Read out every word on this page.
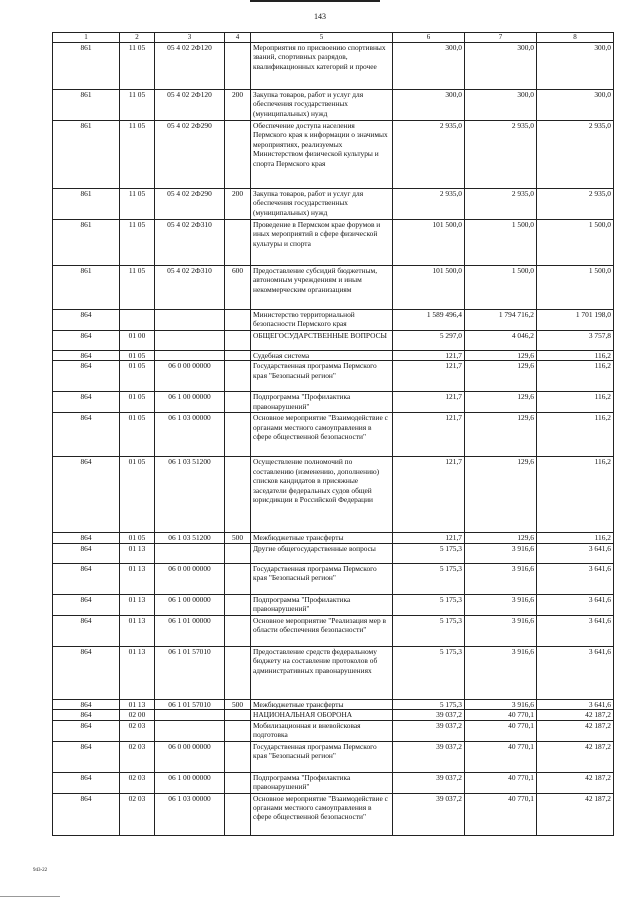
143
1	2	3	4	5	6	7	8
861	11 05	05 4 02 2Ф120		Мероприятия по присвоению спортивных званий, спортивных разрядов, квалификационных категорий и прочее	300,0	300,0	300,0
861	11 05	05 4 02 2Ф120	200	Закупка товаров, работ и услуг для обеспечения государственных (муниципальных) нужд	300,0	300,0	300,0
861	11 05	05 4 02 2Ф290		Обеспечение доступа населения Пермского края к информации о значимых мероприятиях, реализуемых Министерством физической культуры и спорта Пермского края	2 935,0	2 935,0	2 935,0
861	11 05	05 4 02 2Ф290	200	Закупка товаров, работ и услуг для обеспечения государственных (муниципальных) нужд	2 935,0	2 935,0	2 935,0
861	11 05	05 4 02 2Ф310		Проведение в Пермском крае форумов и иных мероприятий в сфере физической культуры и спорта	101 500,0	1 500,0	1 500,0
861	11 05	05 4 02 2Ф310	600	Предоставление субсидий бюджетным, автономным учреждениям и иным некоммерческим организациям	101 500,0	1 500,0	1 500,0
864				Министерство территориальной безопасности Пермского края	1 589 496,4	1 794 716,2	1 701 198,0
864	01 00			ОБЩЕГОСУДАРСТВЕННЫЕ ВОПРОСЫ	5 297,0	4 046,2	3 757,8
864	01 05			Судебная система	121,7	129,6	116,2
864	01 05	06 0 00 00000		Государственная программа Пермского края "Безопасный регион"	121,7	129,6	116,2
864	01 05	06 1 00 00000		Подпрограмма "Профилактика правонарушений"	121,7	129,6	116,2
864	01 05	06 1 03 00000		Основное мероприятие "Взаимодействие с органами местного самоуправления в сфере общественной безопасности"	121,7	129,6	116,2
864	01 05	06 1 03 51200		Осуществление полномочий по составлению (изменению, дополнению) списков кандидатов в присяжные заседатели федеральных судов общей юрисдикции в Российской Федерации	121,7	129,6	116,2
864	01 05	06 1 03 51200	500	Межбюджетные трансферты	121,7	129,6	116,2
864	01 13			Другие общегосударственные вопросы	5 175,3	3 916,6	3 641,6
864	01 13	06 0 00 00000		Государственная программа Пермского края "Безопасный регион"	5 175,3	3 916,6	3 641,6
864	01 13	06 1 00 00000		Подпрограмма "Профилактика правонарушений"	5 175,3	3 916,6	3 641,6
864	01 13	06 1 01 00000		Основное мероприятие "Реализация мер в области обеспечения безопасности"	5 175,3	3 916,6	3 641,6
864	01 13	06 1 01 57010		Предоставление средств федеральному бюджету на составление протоколов об административных правонарушениях	5 175,3	3 916,6	3 641,6
864	01 13	06 1 01 57010	500	Межбюджетные трансферты	5 175,3	3 916,6	3 641,6
864	02 00			НАЦИОНАЛЬНАЯ ОБОРОНА	39 037,2	40 770,1	42 187,2
864	02 03			Мобилизационная и вневойсковая подготовка	39 037,2	40 770,1	42 187,2
864	02 03	06 0 00 00000		Государственная программа Пермского края "Безопасный регион"	39 037,2	40 770,1	42 187,2
864	02 03	06 1 00 00000		Подпрограмма "Профилактика правонарушений"	39 037,2	40 770,1	42 187,2
864	02 03	06 1 03 00000		Основное мероприятие "Взаимодействие с органами местного самоуправления в сфере общественной безопасности"	39 037,2	40 770,1	42 187,2
943-22
